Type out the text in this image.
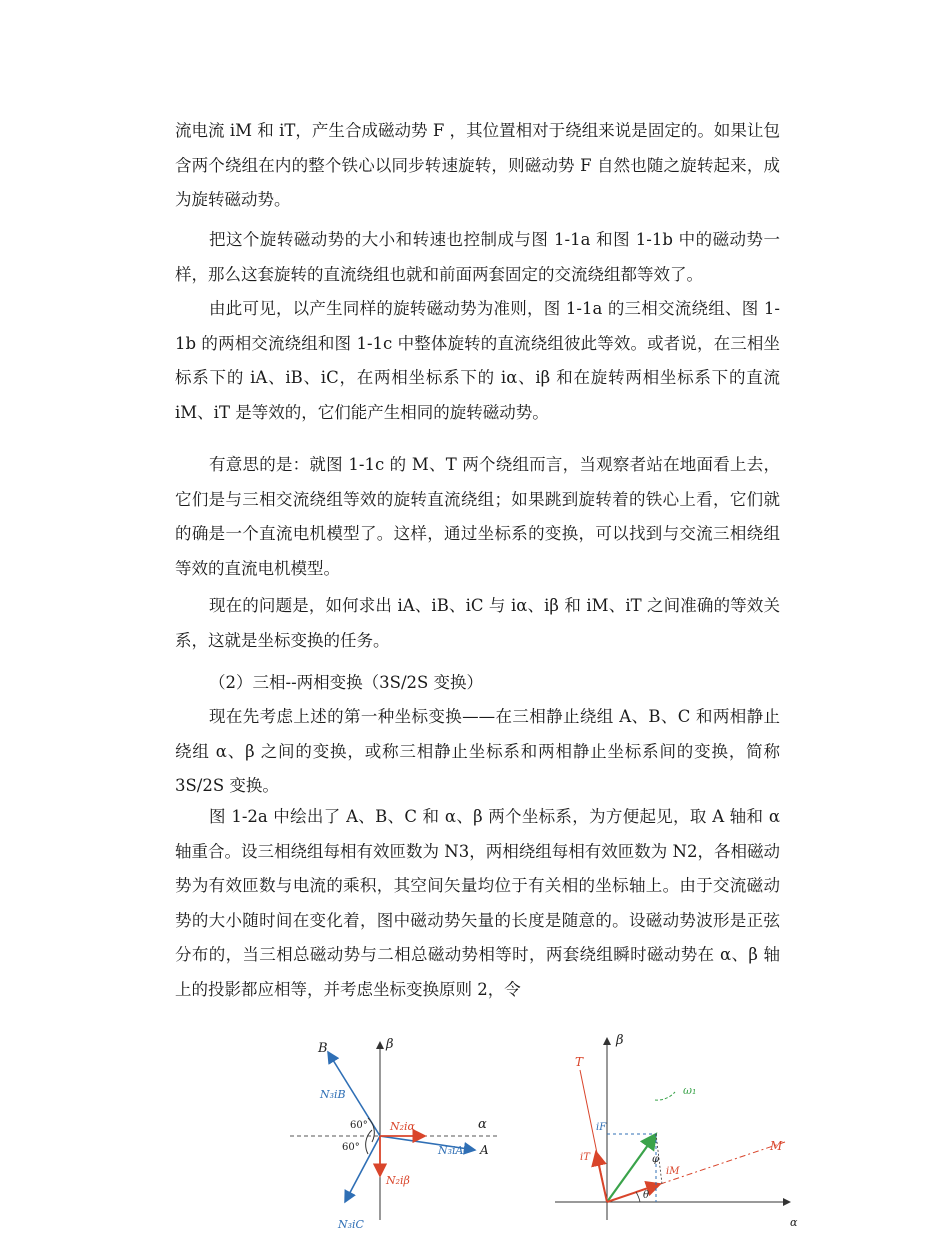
流电流 iM 和 iT，产生合成磁动势 F ，其位置相对于绕组来说是固定的。如果让包含两个绕组在内的整个铁心以同步转速旋转，则磁动势 F 自然也随之旋转起来，成为旋转磁动势。

把这个旋转磁动势的大小和转速也控制成与图 1-1a 和图 1-1b 中的磁动势一样，那么这套旋转的直流绕组也就和前面两套固定的交流绕组都等效了。

由此可见，以产生同样的旋转磁动势为准则，图 1-1a 的三相交流绕组、图 1-1b 的两相交流绕组和图 1-1c 中整体旋转的直流绕组彼此等效。或者说，在三相坐标系下的 iA、iB、iC，在两相坐标系下的 iα、iβ 和在旋转两相坐标系下的直流 iM、iT 是等效的，它们能产生相同的旋转磁动势。

有意思的是：就图 1-1c 的 M、T 两个绕组而言，当观察者站在地面看上去，它们是与三相交流绕组等效的旋转直流绕组；如果跳到旋转着的铁心上看，它们就的确是一个直流电机模型了。这样，通过坐标系的变换，可以找到与交流三相绕组等效的直流电机模型。

现在的问题是，如何求出 iA、iB、iC 与 iα、iβ 和 iM、iT 之间准确的等效关系，这就是坐标变换的任务。

（2）三相--两相变换（3S/2S 变换）

现在先考虑上述的第一种坐标变换——在三相静止绕组 A、B、C 和两相静止绕组 α、β 之间的变换，或称三相静止坐标系和两相静止坐标系间的变换，简称 3S/2S 变换。

图 1-2a 中绘出了 A、B、C 和 α、β 两个坐标系，为方便起见，取 A 轴和 α 轴重合。设三相绕组每相有效匝数为 N3，两相绕组每相有效匝数为 N2，各相磁动势为有效匝数与电流的乘积，其空间矢量均位于有关相的坐标轴上。由于交流磁动势的大小随时间在变化着，图中磁动势矢量的长度是随意的。设磁动势波形是正弦分布的，当三相总磁动势与二相总磁动势相等时，两套绕组瞬时磁动势在 α、β 轴上的投影都应相等，并考虑坐标变换原则 2，令

B	β
α
A
N₃iB
N₂iα
N₃iA
N₂iβ
N₃iC
60°
60°
β
T
M
ω₁
iF
iT
iM
φ
θ
α
